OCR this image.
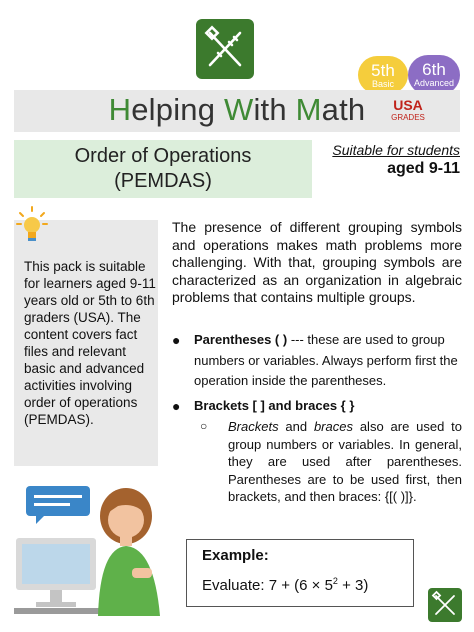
5th
Basic
6th
Advanced
Helping With Math	USA
GRADES
Order of Operations
(PEMDAS)
Suitable for students
aged 9-11
This pack is suitable for learners aged 9-11 years old or 5th to 6th graders (USA). The content covers fact files and relevant basic and advanced activities involving order of operations (PEMDAS).
The presence of different grouping symbols and operations makes math problems more challenging. With that, grouping symbols are characterized as an organization in algebraic problems that contains multiple groups.
● Parentheses ( ) --- these are used to group numbers or variables. Always perform first the operation inside the parentheses.
● Brackets [ ] and braces { }
○ Brackets and braces also are used to group numbers or variables. In general, they are used after parentheses. Parentheses are to be used first, then brackets, and then braces: {[( )]}.
Example:
Evaluate: $7 + (6 \times 5^2 + 3)$
